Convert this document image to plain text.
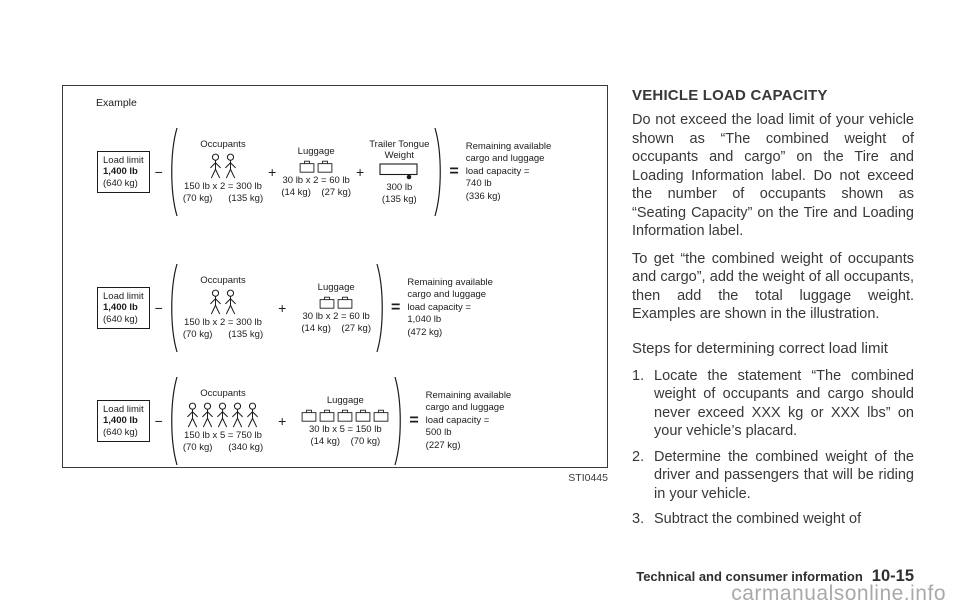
Example
Load limit
1,400 lb
(640 kg)
−
Occupants
150 lb x 2 = 300 lb
(70 kg)      (135 kg)
+
Luggage
30 lb x 2 = 60 lb
(14 kg)    (27 kg)
+
Trailer Tongue
Weight
300 lb
(135 kg)
=
Remaining available
cargo and luggage
load capacity =
740 lb
(336 kg)
Load limit
1,400 lb
(640 kg)
−
Occupants
150 lb x 2 = 300 lb
(70 kg)      (135 kg)
+
Luggage
30 lb x 2 = 60 lb
(14 kg)    (27 kg)
=
Remaining available
cargo and luggage
load capacity =
1,040 lb
(472 kg)
Load limit
1,400 lb
(640 kg)
−
Occupants
150 lb x 5 = 750 lb
(70 kg)      (340 kg)
+
Luggage
30 lb x 5 = 150 lb
(14 kg)    (70 kg)
=
Remaining available
cargo and luggage
load capacity =
500 lb
(227 kg)
STI0445
VEHICLE LOAD CAPACITY

Do not exceed the load limit of your vehicle shown as “The combined weight of occupants and cargo” on the Tire and Loading Information label. Do not exceed the number of occupants shown as “Seating Capacity” on the Tire and Loading Information label.

To get “the combined weight of occupants and cargo”, add the weight of all occupants, then add the total luggage weight. Examples are shown in the illustration.

Steps for determining correct load limit
1. Locate the statement “The combined weight of occupants and cargo should never exceed XXX kg or XXX lbs” on your vehicle’s placard.
2. Determine the combined weight of the driver and passengers that will be riding in your vehicle.
3. Subtract the combined weight of
Technical and consumer information 10-15
carmanualsonline.info
